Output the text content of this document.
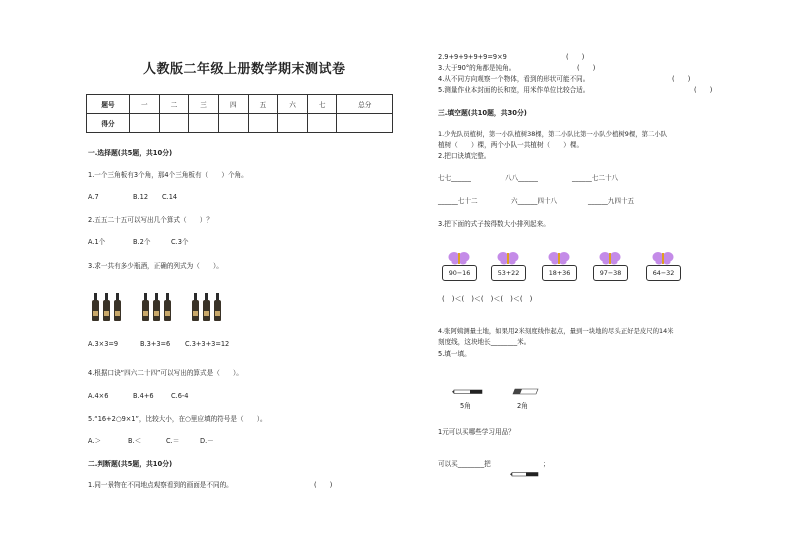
人教版二年级上册数学期末测试卷
题号	一	二	三	四	五	六	七	总分
得分								
一.选择题(共5题，共10分)
1.一个三角板有3个角，那4个三角板有（　　）个角。
A.7	B.12 C.14
2.五五二十五可以写出几个算式（　　）？
A.1个	B.2个	C.3个
3.求一共有多少瓶酒，正确的列式为（　　）。
A.3×3=9	B.3+3=6 C.3+3+3=12
4.根据口诀“四六二十四”可以写出的算式是（　　）。
A.4×6	B.4+6	C.6-4
5.“16+2○9×1”，比较大小，在○里应填的符号是（　　）。
A.＞	B.＜	C.＝	D.－
二.判断题(共5题，共10分)
1.同一景物在不同地点观察看到的画面是不同的。	(　　)
2.9+9+9+9+9=9×9	(　　)
3.大于90°的角都是钝角。	(　　)
4.从不同方向观察一个物体，看到的形状可能不同。	(　　)
5.测量作业本封面的长和宽，用米作单位比较合适。	(　　)
三.填空题(共10题，共30分)
1.少先队员植树，第一小队植树38棵，第二小队比第一小队少植树9棵，第二小队
植树（　　）棵，两个小队一共植树（　　）棵。
2.把口诀填完整。
七七______	八八______	______七二十八
______七十二	六______四十八	______九四十五
3.把下面的式子按得数大小排列起来。
90−16	53+22	18+36	97−38	64−32
(　)＜(　)＜(　)＜(　)＜(　)
4.张阿姨测量土地，如果用2米刻度线作起点，量到一块地的尽头正好是皮尺的14米
刻度线，这块地长________米。
5.填一填。
5角	2角
1元可以买哪些学习用品？
可以买________把	；
